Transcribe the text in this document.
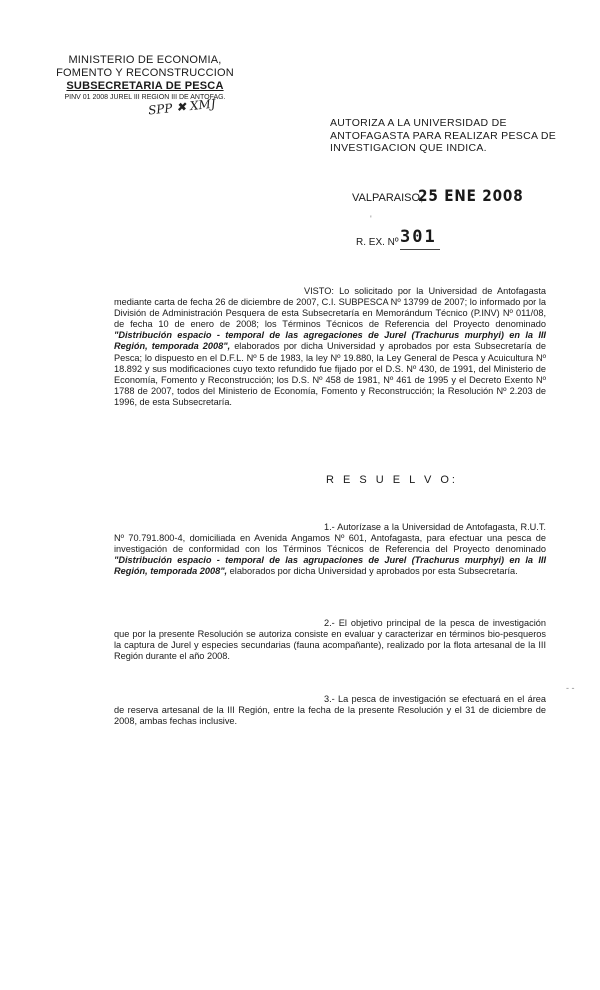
MINISTERIO DE ECONOMIA,
FOMENTO Y RECONSTRUCCION
SUBSECRETARIA DE PESCA
PINV 01 2008 JUREL III REGION III DE ANTOFAG.
SPP ✖ XMJ
AUTORIZA A LA UNIVERSIDAD DE ANTOFAGASTA PARA REALIZAR PESCA DE INVESTIGACION QUE INDICA.
VALPARAISO,
25 ENE 2008
'
R. EX. Nº 301
VISTO: Lo solicitado por la Universidad de Antofagasta mediante carta de fecha 26 de diciembre de 2007, C.I. SUBPESCA Nº 13799 de 2007; lo informado por la División de Administración Pesquera de esta Subsecretaría en Memorándum Técnico (P.INV) Nº 011/08, de fecha 10 de enero de 2008; los Términos Técnicos de Referencia del Proyecto denominado "Distribución espacio - temporal de las agregaciones de Jurel (Trachurus murphyi) en la III Región, temporada 2008", elaborados por dicha Universidad y aprobados por esta Subsecretaría de Pesca; lo dispuesto en el D.F.L. Nº 5 de 1983, la ley Nº 19.880, la Ley General de Pesca y Acuicultura Nº 18.892 y sus modificaciones cuyo texto refundido fue fijado por el D.S. Nº 430, de 1991, del Ministerio de Economía, Fomento y Reconstrucción; los D.S. Nº 458 de 1981, Nº 461 de 1995 y el Decreto Exento Nº 1788 de 2007, todos del Ministerio de Economía, Fomento y Reconstrucción; la Resolución Nº 2.203 de 1996, de esta Subsecretaría.
R E S U E L V O:
1.- Autorízase a la Universidad de Antofagasta, R.U.T. Nº 70.791.800-4, domiciliada en Avenida Angamos Nº 601, Antofagasta, para efectuar una pesca de investigación de conformidad con los Términos Técnicos de Referencia del Proyecto denominado "Distribución espacio - temporal de las agrupaciones de Jurel (Trachurus murphyi) en la III Región, temporada 2008", elaborados por dicha Universidad y aprobados por esta Subsecretaría.
2.- El objetivo principal de la pesca de investigación que por la presente Resolución se autoriza consiste en evaluar y caracterizar en términos bio-pesqueros la captura de Jurel y especies secundarias (fauna acompañante), realizado por la flota artesanal de la III Región durante el año 2008.
- -
3.- La pesca de investigación se efectuará en el área de reserva artesanal de la III Región, entre la fecha de la presente Resolución y el 31 de diciembre de 2008, ambas fechas inclusive.
